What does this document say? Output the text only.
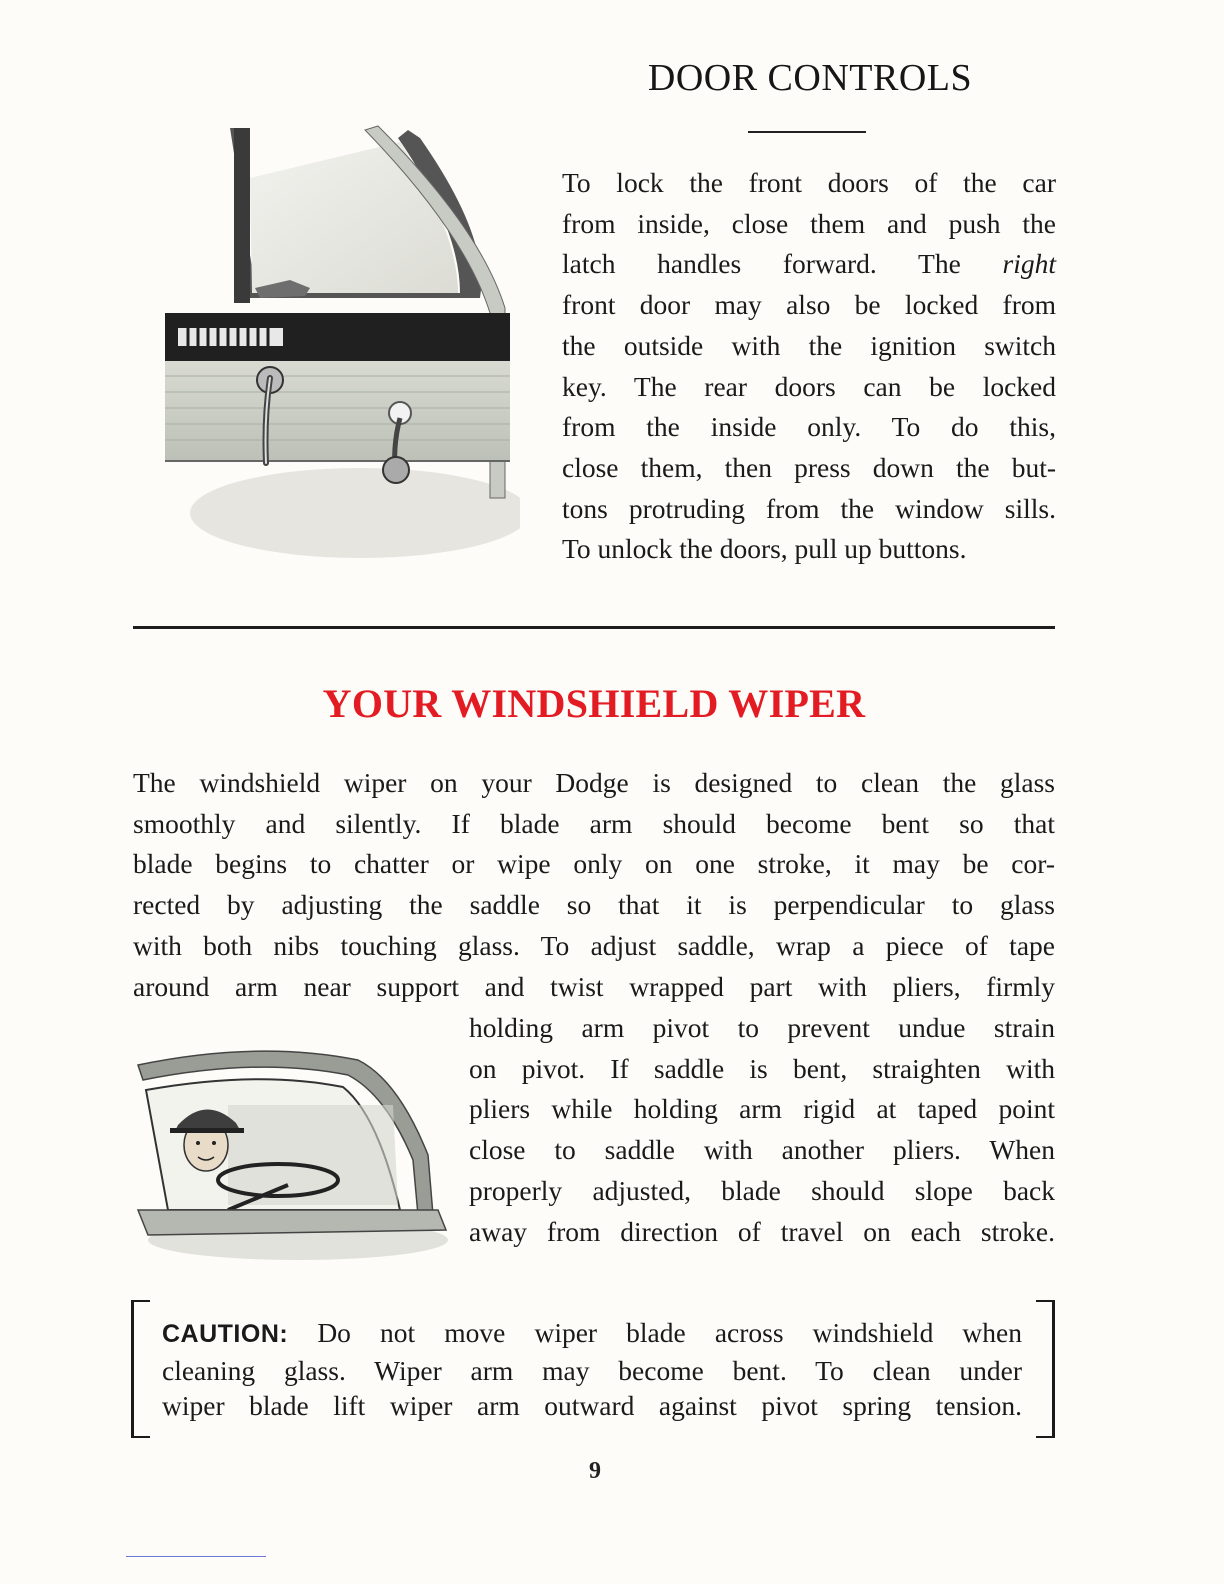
DOOR CONTROLS

To lock the front doors of the car
from inside, close them and push the
latch handles forward. The right
front door may also be locked from
the outside with the ignition switch
key. The rear doors can be locked
from the inside only. To do this,
close them, then press down the but-
tons protruding from the window sills.
To unlock the doors, pull up buttons.

YOUR WINDSHIELD WIPER

The windshield wiper on your Dodge is designed to clean the glass
smoothly and silently. If blade arm should become bent so that
blade begins to chatter or wipe only on one stroke, it may be cor-
rected by adjusting the saddle so that it is perpendicular to glass
with both nibs touching glass. To adjust saddle, wrap a piece of tape
around arm near support and twist wrapped part with pliers, firmly

holding arm pivot to prevent undue strain
on pivot. If saddle is bent, straighten with
pliers while holding arm rigid at taped point
close to saddle with another pliers. When
properly adjusted, blade should slope back
away from direction of travel on each stroke.

CAUTION: Do not move wiper blade across windshield when
cleaning glass. Wiper arm may become bent. To clean under
wiper blade lift wiper arm outward against pivot spring tension.

9
